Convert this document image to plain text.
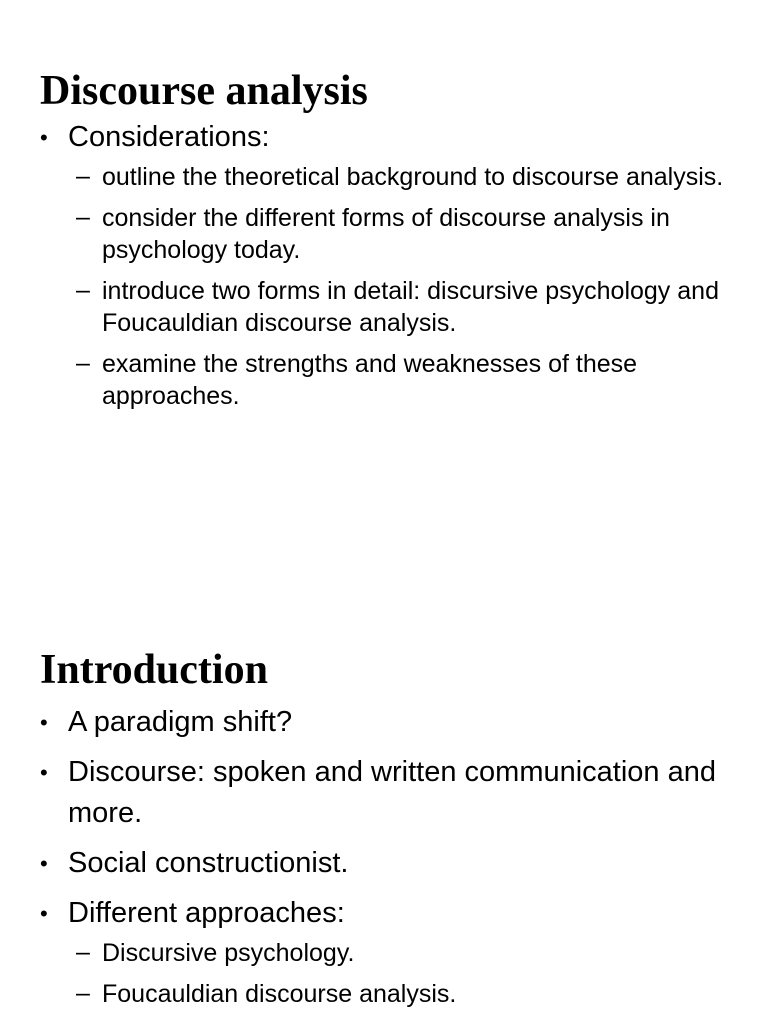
Discourse analysis
• Considerations:
– outline the theoretical background to discourse analysis.
– consider the different forms of discourse analysis in psychology today.
– introduce two forms in detail: discursive psychology and Foucauldian discourse analysis.
– examine the strengths and weaknesses of these approaches.
Introduction
• A paradigm shift?
• Discourse: spoken and written communication and more.
• Social constructionist.
• Different approaches:
– Discursive psychology.
– Foucauldian discourse analysis.
